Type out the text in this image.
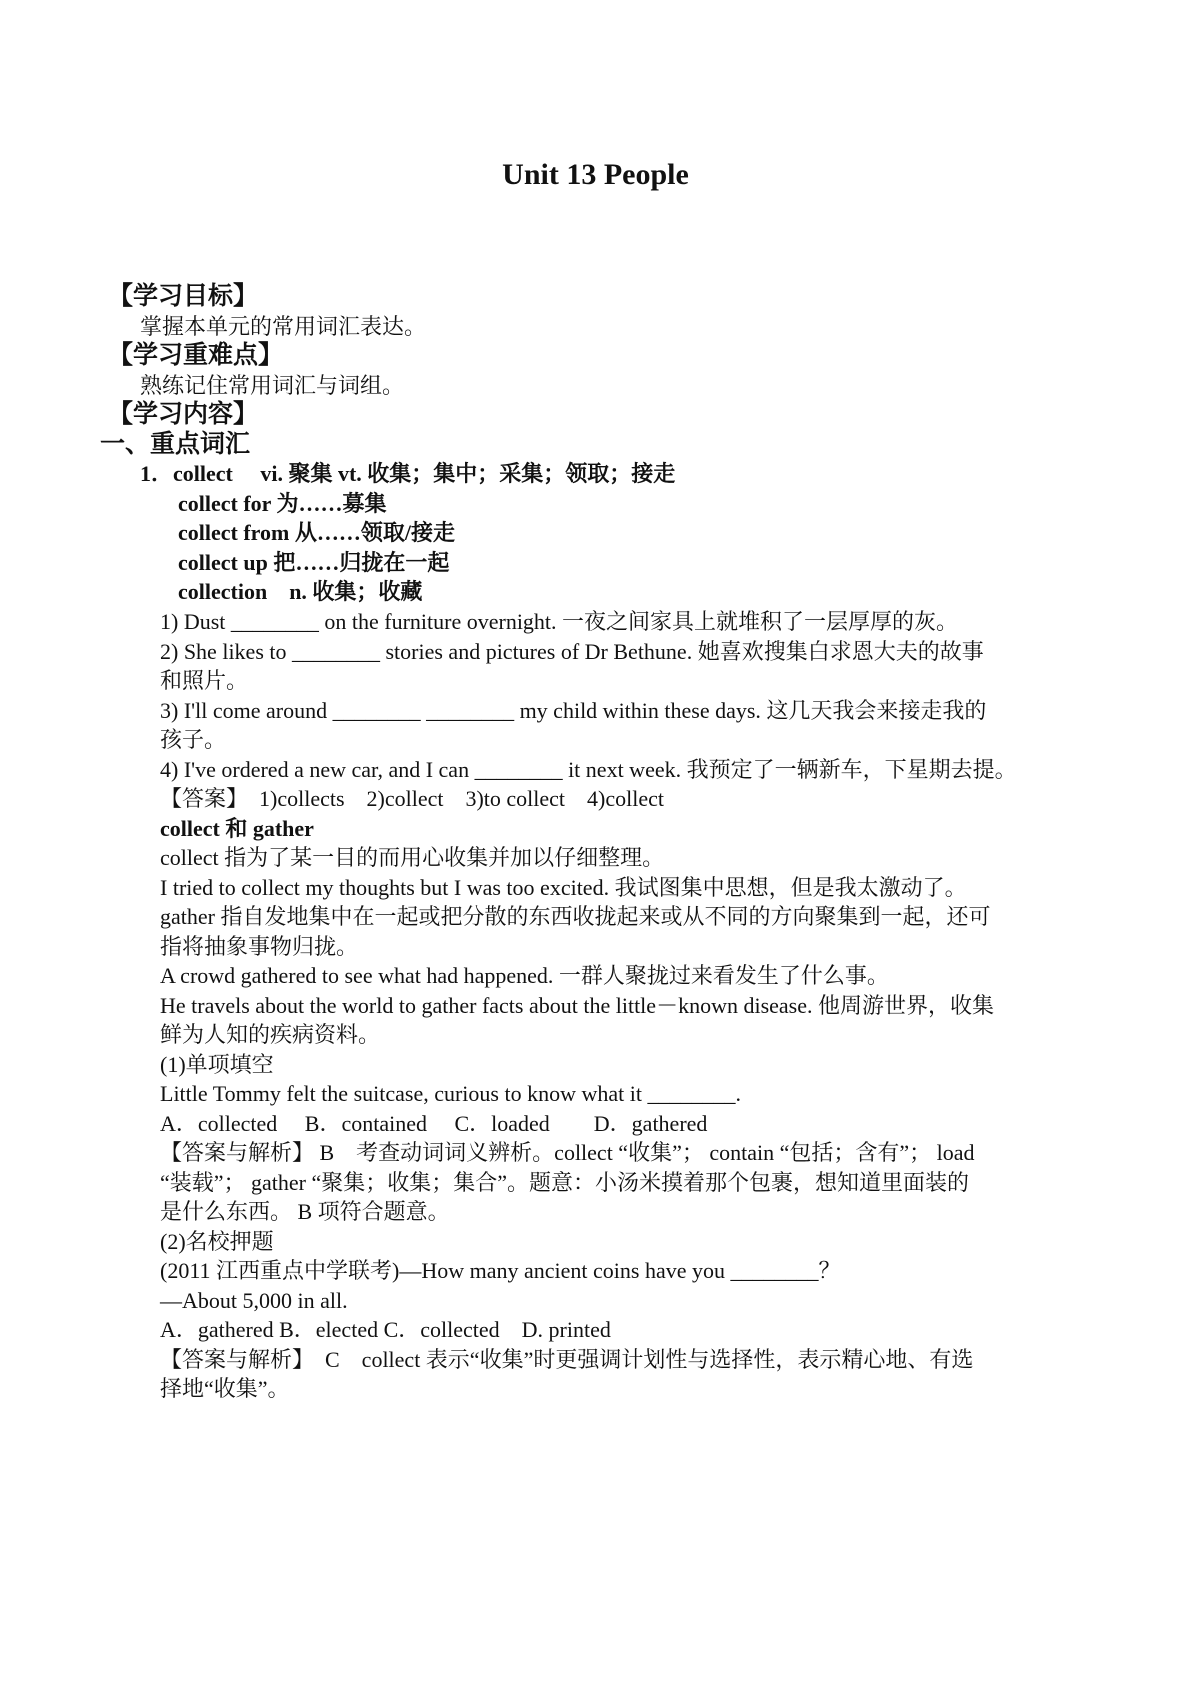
Unit 13 People
【学习目标】
掌握本单元的常用词汇表达。
【学习重难点】
熟练记住常用词汇与词组。
【学习内容】
一、重点词汇
1．collect　 vi. 聚集 vt. 收集；集中；采集；领取；接走
collect for 为……募集
collect from 从……领取/接走
collect up 把……归拢在一起
collection　n. 收集；收藏
1) Dust ________ on the furniture overnight. 一夜之间家具上就堆积了一层厚厚的灰。
2) She likes to ________ stories and pictures of Dr Bethune. 她喜欢搜集白求恩大夫的故事
和照片。
3) I'll come around ________ ________ my child within these days. 这几天我会来接走我的
孩子。
4) I've ordered a new car, and I can ________ it next week. 我预定了一辆新车，下星期去提。
【答案】　1)collects　2)collect　3)to collect　4)collect
collect 和 gather
collect 指为了某一目的而用心收集并加以仔细整理。
I tried to collect my thoughts but I was too excited. 我试图集中思想，但是我太激动了。
gather 指自发地集中在一起或把分散的东西收拢起来或从不同的方向聚集到一起，还可
指将抽象事物归拢。
A crowd gathered to see what had happened. 一群人聚拢过来看发生了什么事。
He travels about the world to gather facts about the little－known disease. 他周游世界，收集
鲜为人知的疾病资料。
(1)单项填空
Little Tommy felt the suitcase, curious to know what it ________.
A．collected　 B．contained　 C．loaded　　D．gathered
【答案与解析】 B　考查动词词义辨析。collect “收集”； contain “包括；含有”； load
“装载”； gather “聚集；收集；集合”。题意：小汤米摸着那个包裹，想知道里面装的
是什么东西。 B 项符合题意。
(2)名校押题
(2011 江西重点中学联考)—How many ancient coins have you ________？
—About 5,000 in all.
A．gathered B．elected C．collected　D. printed
【答案与解析】　C　collect 表示“收集”时更强调计划性与选择性，表示精心地、有选
择地“收集”。
